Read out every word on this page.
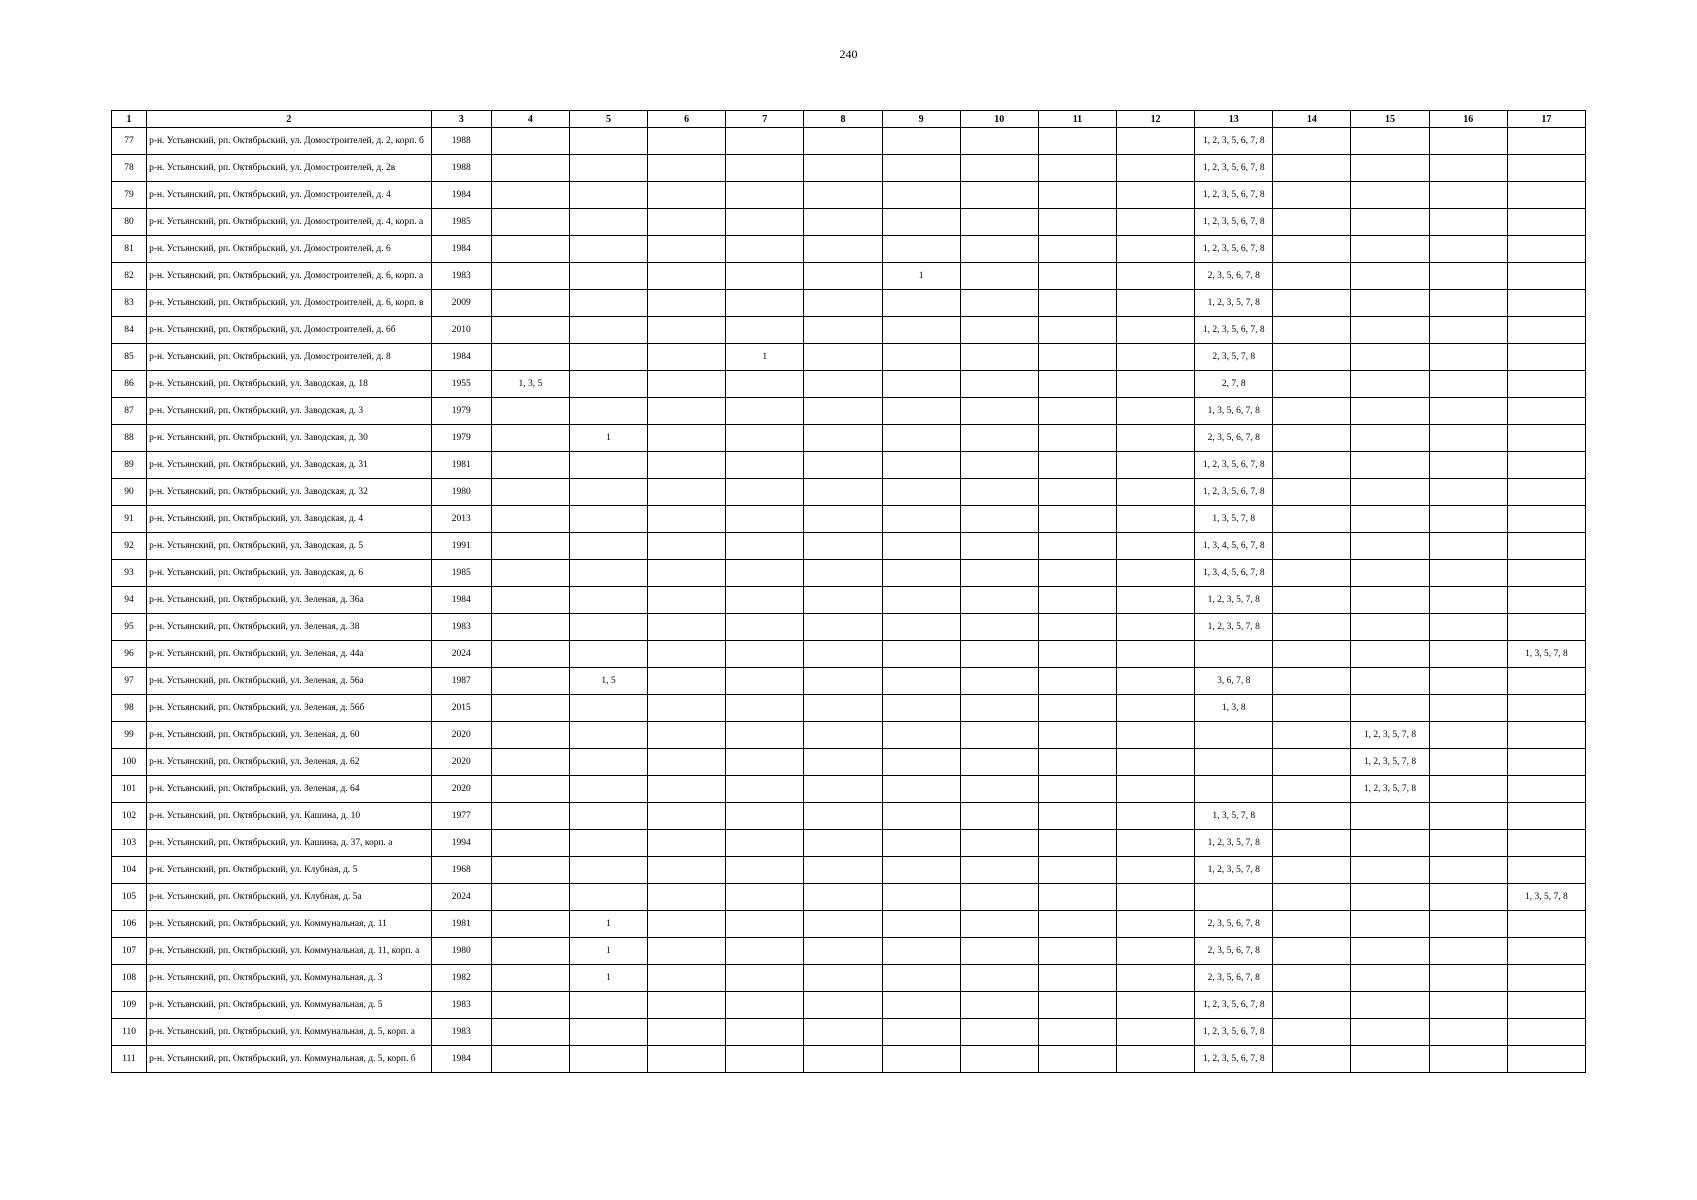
240
1	2	3	4	5	6	7	8	9	10	11	12	13	14	15	16	17
77	р-н. Устьянский, рп. Октябрьский, ул. Домостроителей, д. 2, корп. б	1988										1, 2, 3, 5, 6, 7, 8				
78	р-н. Устьянский, рп. Октябрьский, ул. Домостроителей, д. 2в	1988										1, 2, 3, 5, 6, 7, 8				
79	р-н. Устьянский, рп. Октябрьский, ул. Домостроителей, д. 4	1984										1, 2, 3, 5, 6, 7, 8				
80	р-н. Устьянский, рп. Октябрьский, ул. Домостроителей, д. 4, корп. а	1985										1, 2, 3, 5, 6, 7, 8				
81	р-н. Устьянский, рп. Октябрьский, ул. Домостроителей, д. 6	1984										1, 2, 3, 5, 6, 7, 8				
82	р-н. Устьянский, рп. Октябрьский, ул. Домостроителей, д. 6, корп. а	1983						1				2, 3, 5, 6, 7, 8				
83	р-н. Устьянский, рп. Октябрьский, ул. Домостроителей, д. 6, корп. в	2009										1, 2, 3, 5, 7, 8				
84	р-н. Устьянский, рп. Октябрьский, ул. Домостроителей, д. 6б	2010										1, 2, 3, 5, 6, 7, 8				
85	р-н. Устьянский, рп. Октябрьский, ул. Домостроителей, д. 8	1984				1						2, 3, 5, 7, 8				
86	р-н. Устьянский, рп. Октябрьский, ул. Заводская, д. 18	1955	1, 3, 5									2, 7, 8				
87	р-н. Устьянский, рп. Октябрьский, ул. Заводская, д. 3	1979										1, 3, 5, 6, 7, 8				
88	р-н. Устьянский, рп. Октябрьский, ул. Заводская, д. 30	1979		1								2, 3, 5, 6, 7, 8				
89	р-н. Устьянский, рп. Октябрьский, ул. Заводская, д. 31	1981										1, 2, 3, 5, 6, 7, 8				
90	р-н. Устьянский, рп. Октябрьский, ул. Заводская, д. 32	1980										1, 2, 3, 5, 6, 7, 8				
91	р-н. Устьянский, рп. Октябрьский, ул. Заводская, д. 4	2013										1, 3, 5, 7, 8				
92	р-н. Устьянский, рп. Октябрьский, ул. Заводская, д. 5	1991										1, 3, 4, 5, 6, 7, 8				
93	р-н. Устьянский, рп. Октябрьский, ул. Заводская, д. 6	1985										1, 3, 4, 5, 6, 7, 8				
94	р-н. Устьянский, рп. Октябрьский, ул. Зеленая, д. 36а	1984										1, 2, 3, 5, 7, 8				
95	р-н. Устьянский, рп. Октябрьский, ул. Зеленая, д. 38	1983										1, 2, 3, 5, 7, 8				
96	р-н. Устьянский, рп. Октябрьский, ул. Зеленая, д. 44а	2024														1, 3, 5, 7, 8
97	р-н. Устьянский, рп. Октябрьский, ул. Зеленая, д. 56а	1987		1, 5								3, 6, 7, 8				
98	р-н. Устьянский, рп. Октябрьский, ул. Зеленая, д. 56б	2015										1, 3, 8				
99	р-н. Устьянский, рп. Октябрьский, ул. Зеленая, д. 60	2020												1, 2, 3, 5, 7, 8		
100	р-н. Устьянский, рп. Октябрьский, ул. Зеленая, д. 62	2020												1, 2, 3, 5, 7, 8		
101	р-н. Устьянский, рп. Октябрьский, ул. Зеленая, д. 64	2020												1, 2, 3, 5, 7, 8		
102	р-н. Устьянский, рп. Октябрьский, ул. Кашина, д. 10	1977										1, 3, 5, 7, 8				
103	р-н. Устьянский, рп. Октябрьский, ул. Кашина, д. 37, корп. а	1994										1, 2, 3, 5, 7, 8				
104	р-н. Устьянский, рп. Октябрьский, ул. Клубная, д. 5	1968										1, 2, 3, 5, 7, 8				
105	р-н. Устьянский, рп. Октябрьский, ул. Клубная, д. 5а	2024														1, 3, 5, 7, 8
106	р-н. Устьянский, рп. Октябрьский, ул. Коммунальная, д. 11	1981		1								2, 3, 5, 6, 7, 8				
107	р-н. Устьянский, рп. Октябрьский, ул. Коммунальная, д. 11, корп. а	1980		1								2, 3, 5, 6, 7, 8				
108	р-н. Устьянский, рп. Октябрьский, ул. Коммунальная, д. 3	1982		1								2, 3, 5, 6, 7, 8				
109	р-н. Устьянский, рп. Октябрьский, ул. Коммунальная, д. 5	1983										1, 2, 3, 5, 6, 7, 8				
110	р-н. Устьянский, рп. Октябрьский, ул. Коммунальная, д. 5, корп. а	1983										1, 2, 3, 5, 6, 7, 8				
111	р-н. Устьянский, рп. Октябрьский, ул. Коммунальная, д. 5, корп. б	1984										1, 2, 3, 5, 6, 7, 8				
